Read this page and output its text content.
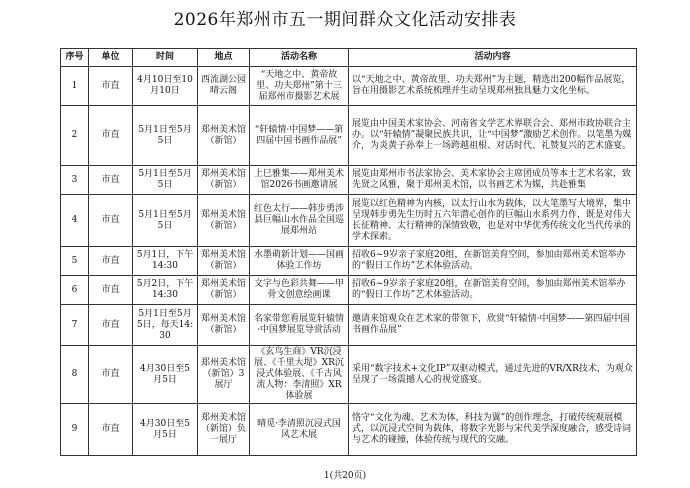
2026年郑州市五一期间群众文化活动安排表
序号	单位	时间	地点	活动名称	活动内容
1	市直	4月10日至10月10日	西流湖公园晴云阁	“天地之中、黄帝故里、功夫郑州”第十三届郑州市摄影艺术展	以“天地之中、黄帝故里、功夫郑州”为主题，精选出200幅作品展览，旨在用摄影艺术系统梳理并生动呈现郑州独具魅力文化坐标。
2	市直	5月1日至5月5日	郑州美术馆（新馆）	“轩辕情·中国梦——第四届中国书画作品展”	展览由中国美术家协会、河南省文学艺术界联合会、郑州市政协联合主办。以“轩辕情”凝聚民族共识，让“中国梦”激励艺术创作。以笔墨为媒介，为炎黄子孙奉上一场跨越祖根、对话时代、礼赞复兴的艺术盛宴。
3	市直	5月1日至5月5日	郑州美术馆（新馆）	上巳雅集——郑州美术馆2026书画邀请展	展览由郑州市书法家协会、美术家协会主席团成员等本土艺术名家，致先贤之风雅，聚于郑州美术馆，以书画艺术为媒，共赴雅集
4	市直	5月1日至5月5日	郑州美术馆（新馆）	红色太行——韩步勇涉县巨幅山水作品全国巡展郑州站	展览以红色精神为内核，以太行山水为载体，以大笔墨写大境界，集中呈现韩步勇先生历时五六年潜心创作的巨幅山水系列力作，既是对伟大长征精神、太行精神的深情致敬，也是对中华优秀传统文化当代传承的学术探索。
5	市直	5月1日，下午14:30	郑州美术馆（新馆）	水墨萌新计划——国画体验工作坊	招收6~9岁亲子家庭20组，在新馆美育空间，参加由郑州美术馆举办的“假日工作坊”艺术体验活动。
6	市直	5月2日，下午14:30	郑州美术馆（新馆）	文字与色彩共舞——甲骨文创意绘画课	招收6~9岁亲子家庭20组，在新馆美育空间，参加由郑州美术馆举办的“假日工作坊”艺术体验活动。
7	市直	5月1日至5月5日，每天14:30	郑州美术馆（新馆）	名家带您看展览轩辕情·中国梦展览导赏活动	邀请来馆观众在艺术家的带领下，欣赏“轩辕情·中国梦——第四届中国书画作品展”
8	市直	4月30日至5月5日	郑州美术馆（新馆）3展厅	《玄鸟生商》VR沉浸展、《千里大堤》XR沉浸式体验展、《千古风流人物：李清照》XR体验展	采用“数字技术+文化IP”双驱动模式，通过先进的VR/XR技术，为观众呈现了一场震撼人心的视觉盛宴。
9	市直	4月30日至5月5日	郑州美术馆（新馆）负一展厅	晴觅·李清照沉浸式国风艺术展	恪守“文化为魂、艺术为体，科技为翼”的创作理念，打破传统观展模式，以沉浸式空间为载体，将数字光影与宋代美学深度融合，感受诗词与艺术的碰撞，体验传统与现代的交融。
1(共20页)
